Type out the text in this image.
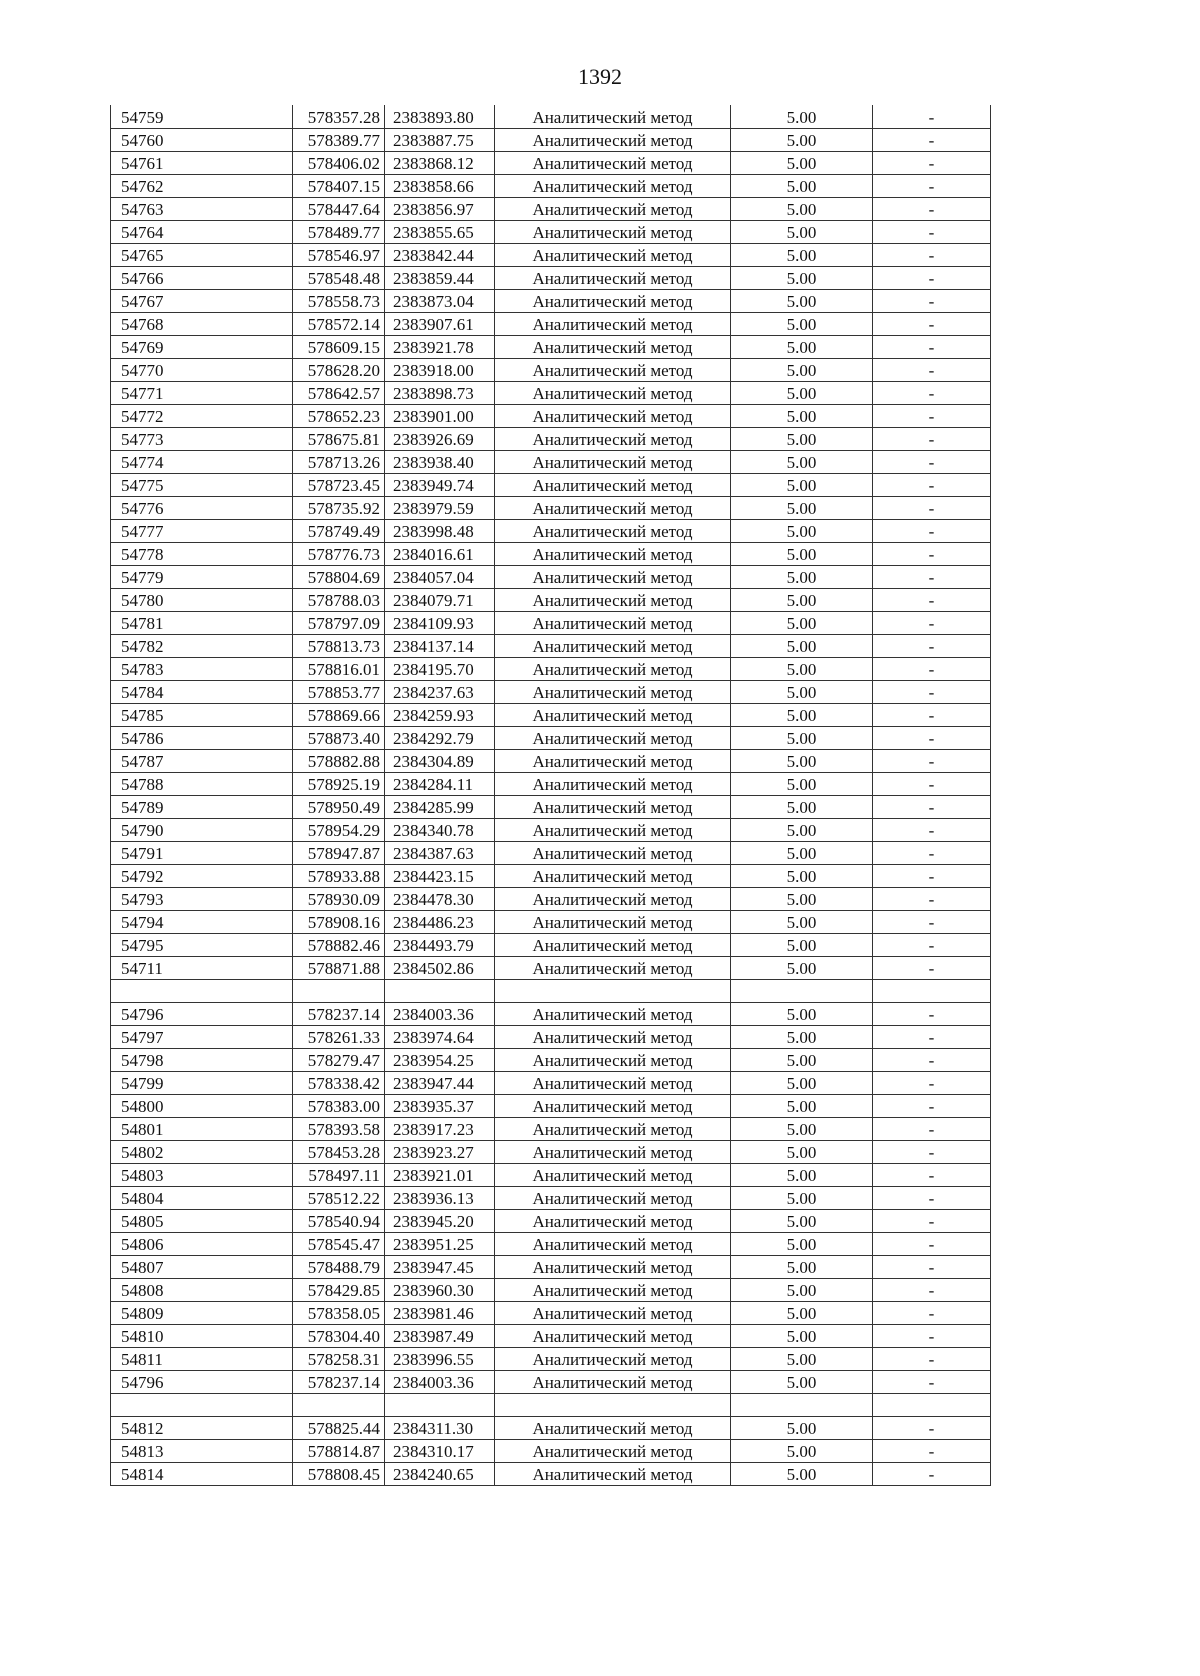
1392
54759	578357.28	2383893.80	Аналитический метод	5.00	-
54760	578389.77	2383887.75	Аналитический метод	5.00	-
54761	578406.02	2383868.12	Аналитический метод	5.00	-
54762	578407.15	2383858.66	Аналитический метод	5.00	-
54763	578447.64	2383856.97	Аналитический метод	5.00	-
54764	578489.77	2383855.65	Аналитический метод	5.00	-
54765	578546.97	2383842.44	Аналитический метод	5.00	-
54766	578548.48	2383859.44	Аналитический метод	5.00	-
54767	578558.73	2383873.04	Аналитический метод	5.00	-
54768	578572.14	2383907.61	Аналитический метод	5.00	-
54769	578609.15	2383921.78	Аналитический метод	5.00	-
54770	578628.20	2383918.00	Аналитический метод	5.00	-
54771	578642.57	2383898.73	Аналитический метод	5.00	-
54772	578652.23	2383901.00	Аналитический метод	5.00	-
54773	578675.81	2383926.69	Аналитический метод	5.00	-
54774	578713.26	2383938.40	Аналитический метод	5.00	-
54775	578723.45	2383949.74	Аналитический метод	5.00	-
54776	578735.92	2383979.59	Аналитический метод	5.00	-
54777	578749.49	2383998.48	Аналитический метод	5.00	-
54778	578776.73	2384016.61	Аналитический метод	5.00	-
54779	578804.69	2384057.04	Аналитический метод	5.00	-
54780	578788.03	2384079.71	Аналитический метод	5.00	-
54781	578797.09	2384109.93	Аналитический метод	5.00	-
54782	578813.73	2384137.14	Аналитический метод	5.00	-
54783	578816.01	2384195.70	Аналитический метод	5.00	-
54784	578853.77	2384237.63	Аналитический метод	5.00	-
54785	578869.66	2384259.93	Аналитический метод	5.00	-
54786	578873.40	2384292.79	Аналитический метод	5.00	-
54787	578882.88	2384304.89	Аналитический метод	5.00	-
54788	578925.19	2384284.11	Аналитический метод	5.00	-
54789	578950.49	2384285.99	Аналитический метод	5.00	-
54790	578954.29	2384340.78	Аналитический метод	5.00	-
54791	578947.87	2384387.63	Аналитический метод	5.00	-
54792	578933.88	2384423.15	Аналитический метод	5.00	-
54793	578930.09	2384478.30	Аналитический метод	5.00	-
54794	578908.16	2384486.23	Аналитический метод	5.00	-
54795	578882.46	2384493.79	Аналитический метод	5.00	-
54711	578871.88	2384502.86	Аналитический метод	5.00	-

54796	578237.14	2384003.36	Аналитический метод	5.00	-
54797	578261.33	2383974.64	Аналитический метод	5.00	-
54798	578279.47	2383954.25	Аналитический метод	5.00	-
54799	578338.42	2383947.44	Аналитический метод	5.00	-
54800	578383.00	2383935.37	Аналитический метод	5.00	-
54801	578393.58	2383917.23	Аналитический метод	5.00	-
54802	578453.28	2383923.27	Аналитический метод	5.00	-
54803	578497.11	2383921.01	Аналитический метод	5.00	-
54804	578512.22	2383936.13	Аналитический метод	5.00	-
54805	578540.94	2383945.20	Аналитический метод	5.00	-
54806	578545.47	2383951.25	Аналитический метод	5.00	-
54807	578488.79	2383947.45	Аналитический метод	5.00	-
54808	578429.85	2383960.30	Аналитический метод	5.00	-
54809	578358.05	2383981.46	Аналитический метод	5.00	-
54810	578304.40	2383987.49	Аналитический метод	5.00	-
54811	578258.31	2383996.55	Аналитический метод	5.00	-
54796	578237.14	2384003.36	Аналитический метод	5.00	-

54812	578825.44	2384311.30	Аналитический метод	5.00	-
54813	578814.87	2384310.17	Аналитический метод	5.00	-
54814	578808.45	2384240.65	Аналитический метод	5.00	-
